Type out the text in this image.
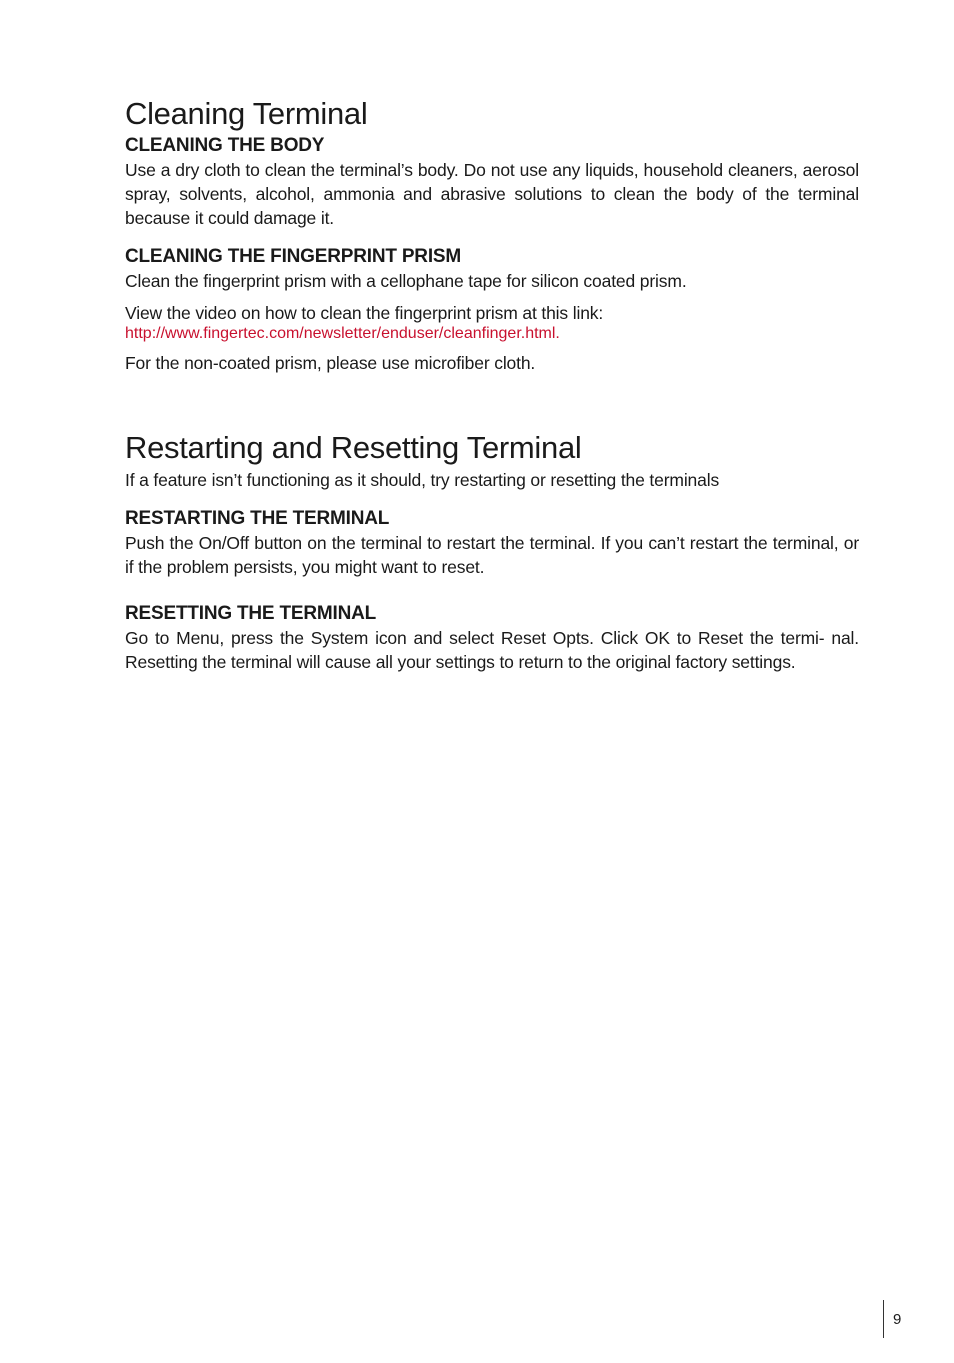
Cleaning Terminal
CLEANING THE BODY

Use a dry cloth to clean the terminal’s body. Do not use any liquids, household cleaners, aerosol spray, solvents, alcohol, ammonia and abrasive solutions to clean the body of the terminal because it could damage it.

CLEANING THE FINGERPRINT PRISM

Clean the fingerprint prism with a cellophane tape for silicon coated prism.

View the video on how to clean the fingerprint prism at this link:

http://www.fingertec.com/newsletter/enduser/cleanfinger.html.

For the non-coated prism, please use microfiber cloth.

Restarting and Resetting Terminal

If a feature isn’t functioning as it should, try restarting or resetting the terminals

RESTARTING THE TERMINAL

Push the On/Off button on the terminal to restart the terminal. If you can’t restart the terminal, or if the problem persists, you might want to reset.

RESETTING THE TERMINAL

Go to Menu, press the System icon and select Reset Opts. Click OK to Reset the termi- nal. Resetting the terminal will cause all your settings to return to the original factory settings.

9
